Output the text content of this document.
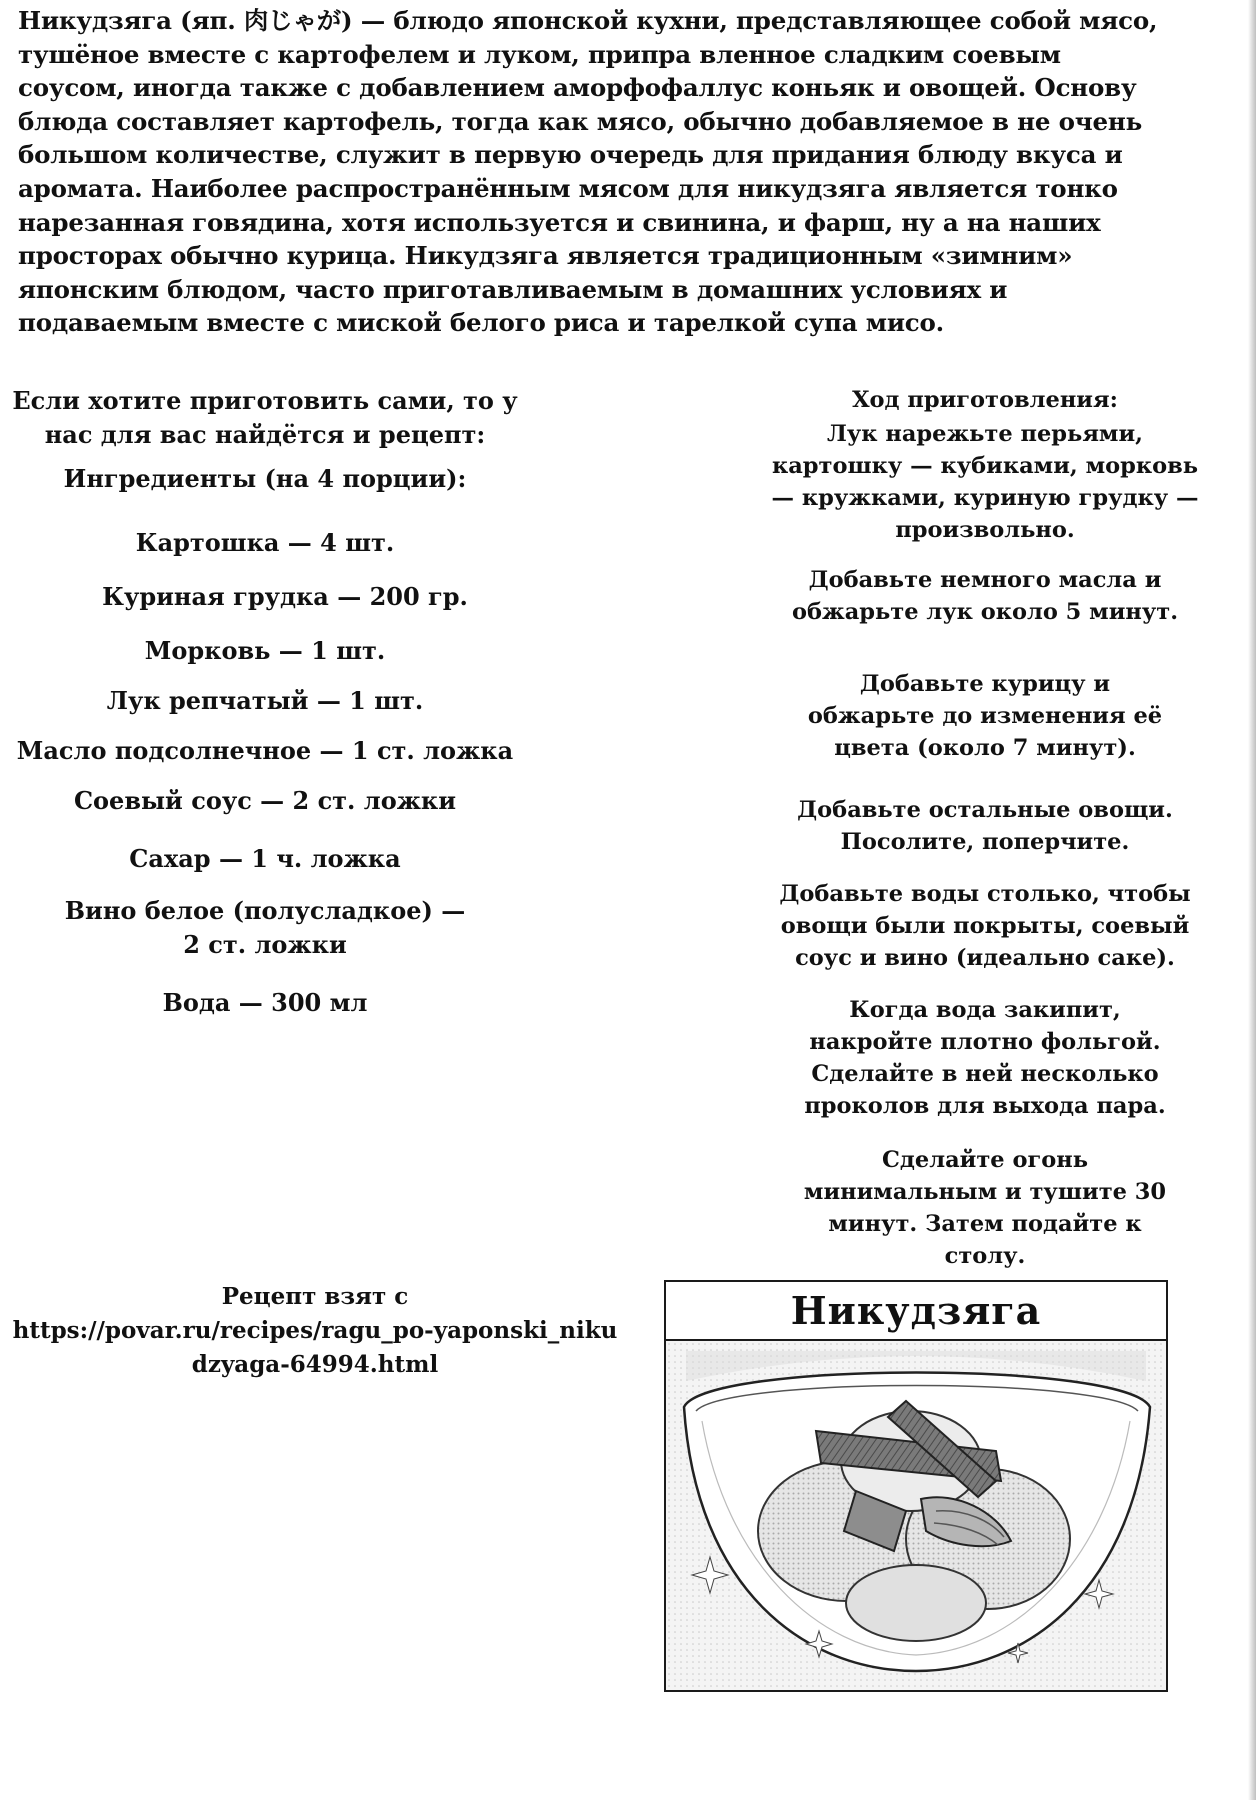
Никудзяга (яп. 肉じゃが) — блюдо японской кухни, представляющее собой мясо, тушёное вместе с картофелем и луком, припра вленное сладким соевым соусом, иногда также с добавлением аморфофаллус коньяк и овощей. Основу блюда составляет картофель, тогда как мясо, обычно добавляемое в не очень большом количестве, служит в первую очередь для придания блюду вкуса и аромата. Наиболее распространённым мясом для никудзяга является тонко нарезанная говядина, хотя используется и свинина, и фарш, ну а на наших просторах обычно курица. Никудзяга является традиционным «зимним» японским блюдом, часто приготавливаемым в домашних условиях и подаваемым вместе с миской белого риса и тарелкой супа мисо.

Если хотите приготовить сами, то у нас для вас найдётся и рецепт:

Ингредиенты (на 4 порции):

Картошка — 4 шт.

Куриная грудка — 200 гр.

Морковь — 1 шт.

Лук репчатый — 1 шт.

Масло подсолнечное — 1 ст. ложка

Соевый соус — 2 ст. ложки

Сахар — 1 ч. ложка

Вино белое (полусладкое) — 2 ст. ложки

Вода — 300 мл

Ход приготовления:

Лук нарежьте перьями, картошку — кубиками, морковь — кружками, куриную грудку — произвольно.

Добавьте немного масла и обжарьте лук около 5 минут.

Добавьте курицу и обжарьте до изменения её цвета (около 7 минут).

Добавьте остальные овощи. Посолите, поперчите.

Добавьте воды столько, чтобы овощи были покрыты, соевый соус и вино (идеально саке).

Когда вода закипит, накройте плотно фольгой. Сделайте в ней несколько проколов для выхода пара.

Сделайте огонь минимальным и тушите 30 минут. Затем подайте к столу.

Рецепт взят с
https://povar.ru/recipes/ragu_po-yaponski_nikudzyaga-64994.html
Никудзяга
